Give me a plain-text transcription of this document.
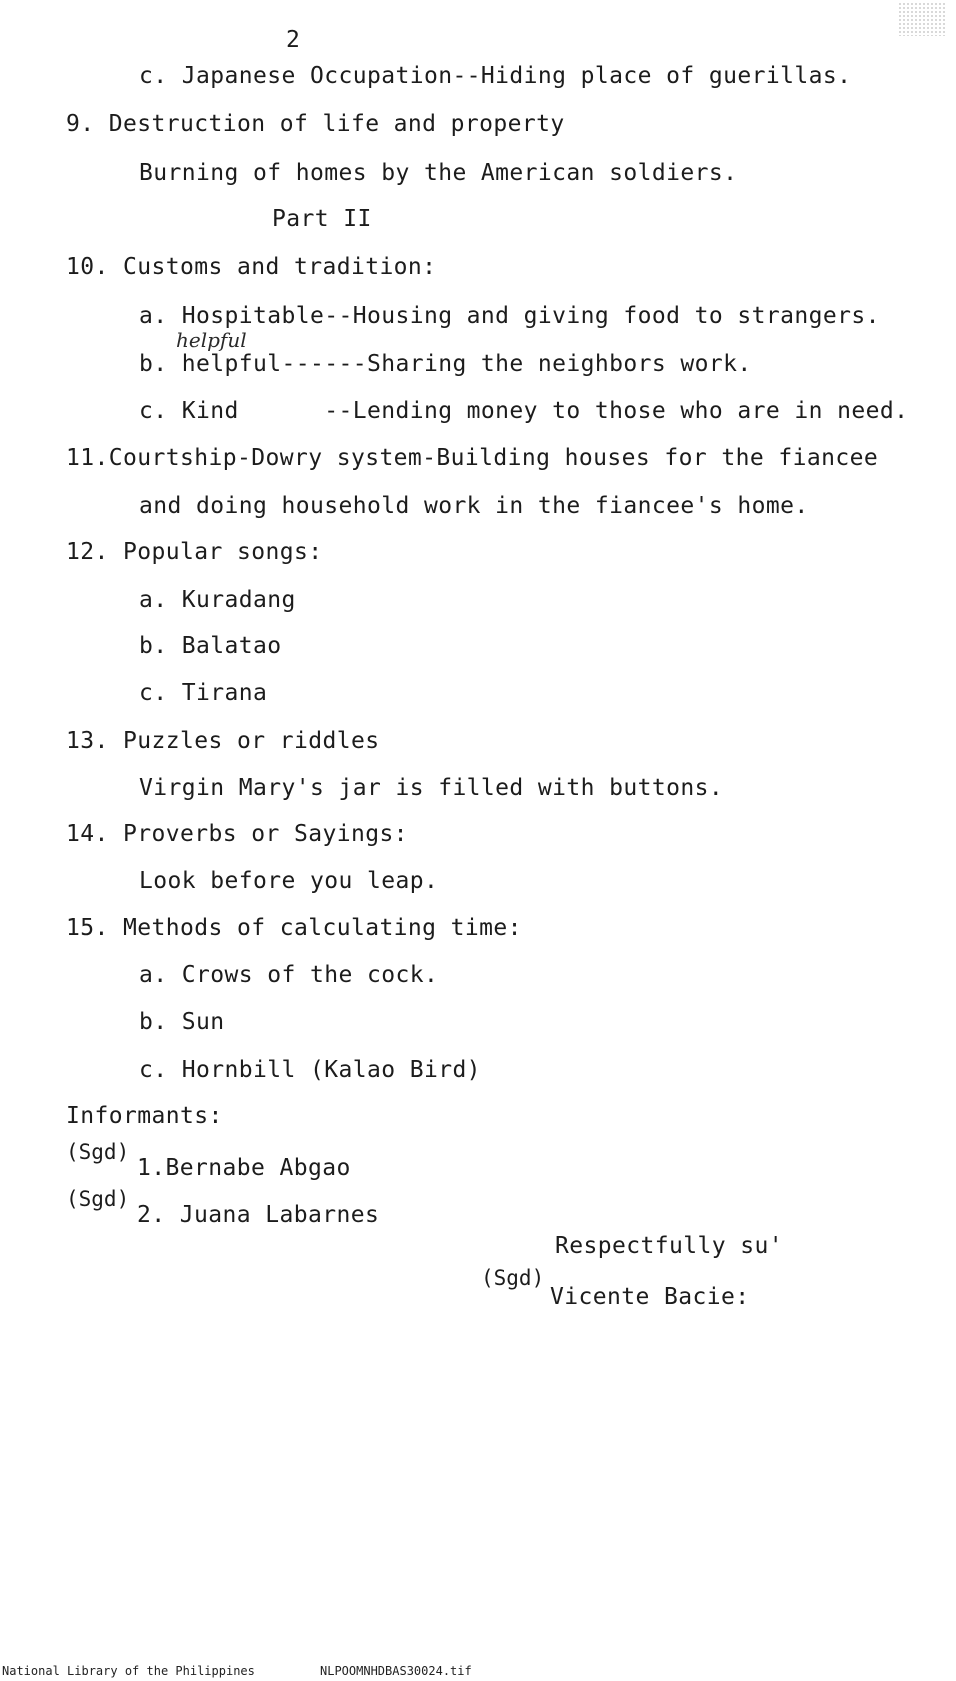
2
c. Japanese Occupation--Hiding place of guerillas.
9. Destruction of life and property
Burning of homes by the American soldiers.
Part II
10. Customs and tradition:
a. Hospitable--Housing and giving food to strangers.
helpful
b. helpful------Sharing the neighbors work.
c. Kind      --Lending money to those who are in need.
11.Courtship-Dowry system-Building houses for the fiancee
and doing household work in the fiancee's home.
12. Popular songs:
a. Kuradang
b. Balatao
c. Tirana
13. Puzzles or riddles
Virgin Mary's jar is filled with buttons.
14. Proverbs or Sayings:
Look before you leap.
15. Methods of calculating time:
a. Crows of the cock.
b. Sun
c. Hornbill (Kalao Bird)
Informants:
(Sgd)
1.Bernabe Abgao
(Sgd)
2. Juana Labarnes
Respectfully su'
(Sgd)
Vicente Bacie:
National Library of the Philippines	NLPOOMNHDBAS30024.tif
